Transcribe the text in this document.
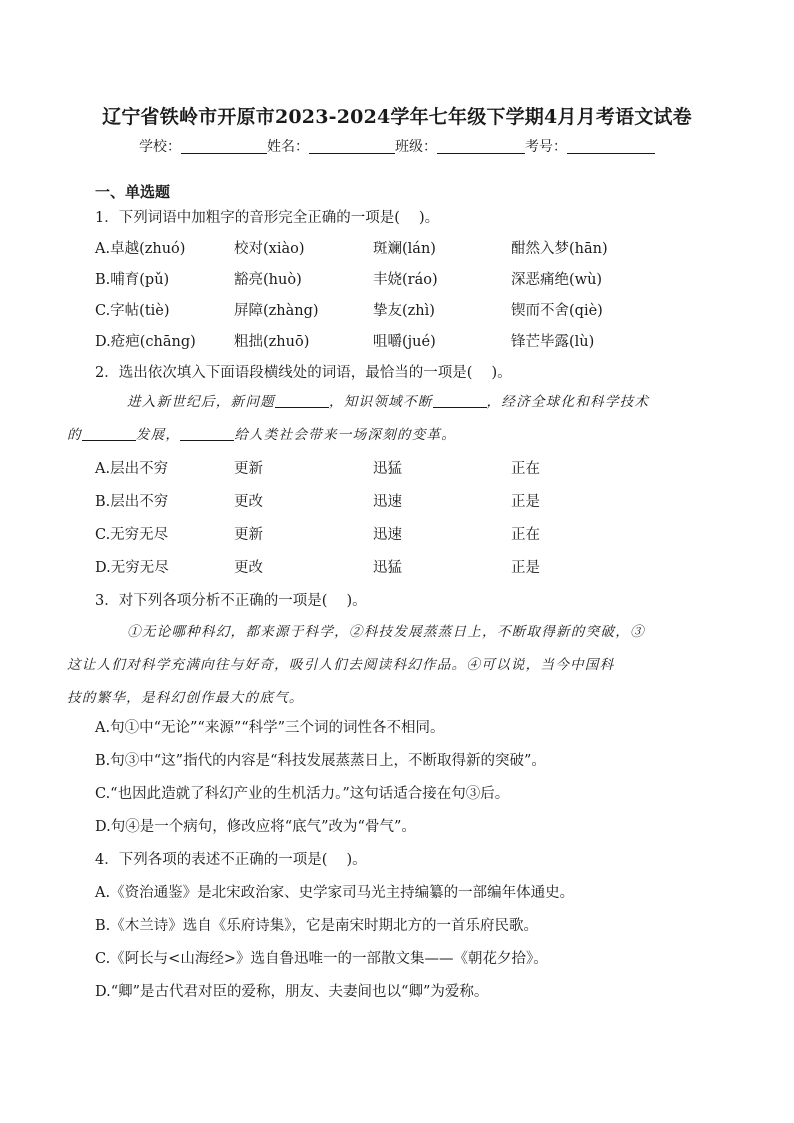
辽宁省铁岭市开原市2023-2024学年七年级下学期4月月考语文试卷
学校：	姓名：	班级：	考号：
一、单选题
1．下列词语中加粗字的音形完全正确的一项是(　 )。
A.卓越(zhuó)	校对(xiào)	斑斓(lán)	酣然入梦(hān)
B.哺育(pǔ)	豁亮(huò)	丰娆(ráo)	深恶痛绝(wù)
C.字帖(tiè)	屏障(zhàng)	挚友(zhì)	锲而不舍(qiè)
D.疮疤(chāng)	粗拙(zhuō)	咀嚼(jué)	锋芒毕露(lù)
2．选出依次填入下面语段横线处的词语，最恰当的一项是(　 )。
进入新世纪后，新问题	，知识领域不断	，经济全球化和科学技术
的	发展，	给人类社会带来一场深刻的变革。
A.层出不穷	更新	迅猛	正在
B.层出不穷	更改	迅速	正是
C.无穷无尽	更新	迅速	正在
D.无穷无尽	更改	迅猛	正是
3．对下列各项分析不正确的一项是(　 )。
①无论哪种科幻，都来源于科学，②科技发展蒸蒸日上，不断取得新的突破，③
这让人们对科学充满向往与好奇，吸引人们去阅读科幻作品。④可以说，当今中国科
技的繁华，是科幻创作最大的底气。
A.句①中“无论”“来源”“科学”三个词的词性各不相同。
B.句③中“这”指代的内容是“科技发展蒸蒸日上，不断取得新的突破”。
C.“也因此造就了科幻产业的生机活力。”这句话适合接在句③后。
D.句④是一个病句，修改应将“底气”改为“骨气”。
4．下列各项的表述不正确的一项是(　 )。
A.《资治通鉴》是北宋政治家、史学家司马光主持编纂的一部编年体通史。
B.《木兰诗》选自《乐府诗集》，它是南宋时期北方的一首乐府民歌。
C.《阿长与<山海经>》选自鲁迅唯一的一部散文集——《朝花夕拾》。
D.“卿”是古代君对臣的爱称，朋友、夫妻间也以“卿”为爱称。
